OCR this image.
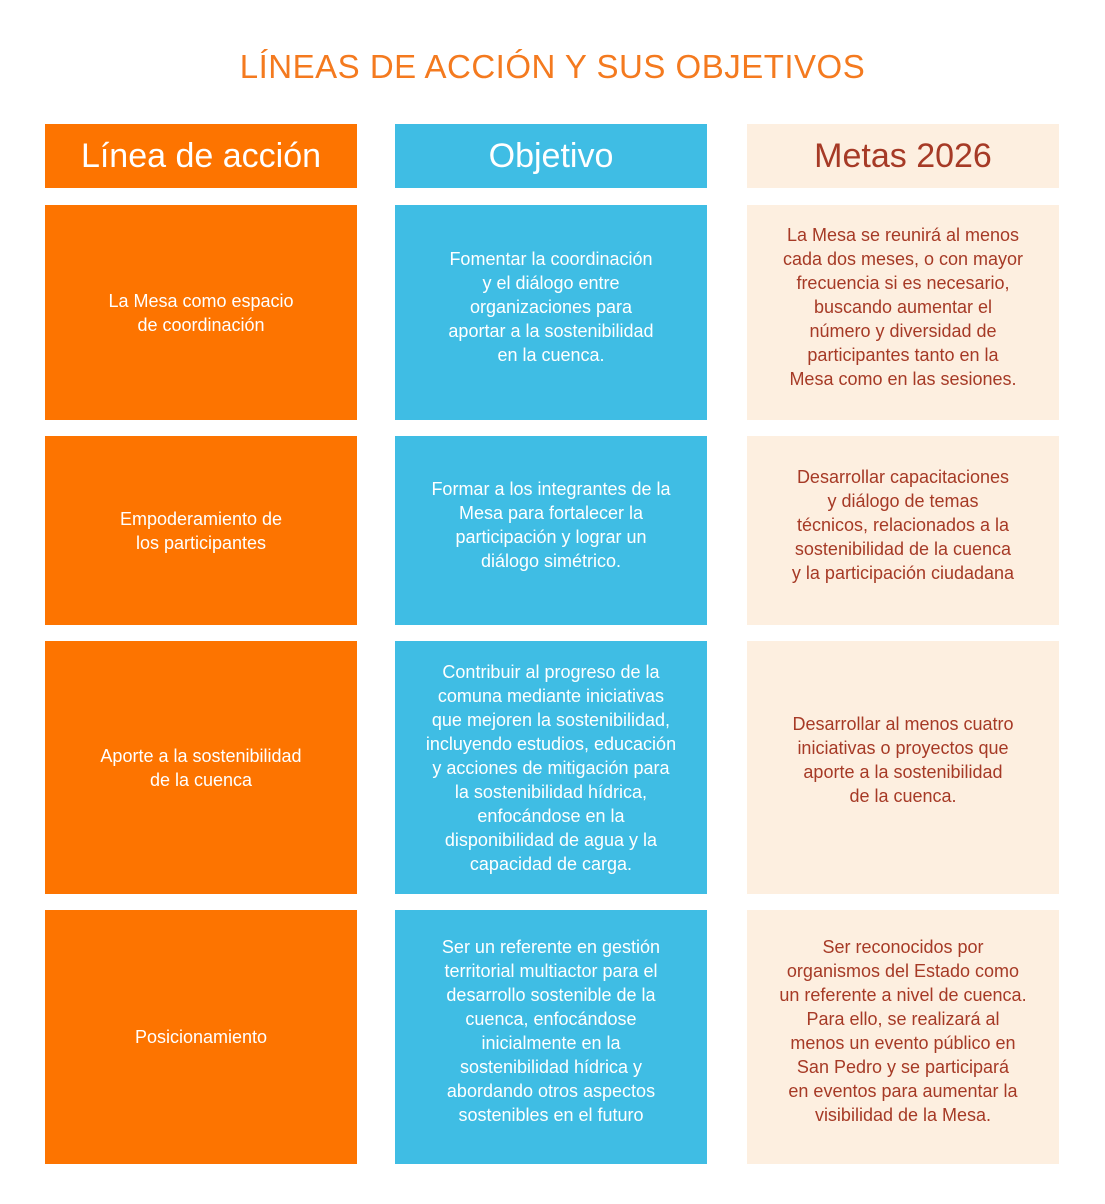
LÍNEAS DE ACCIÓN Y SUS OBJETIVOS
Línea de acción	Objetivo	Metas 2026
La Mesa como espacio
de coordinación
Fomentar la coordinación
y el diálogo entre
organizaciones para
aportar a la sostenibilidad
en la cuenca.
La Mesa se reunirá al menos
cada dos meses, o con mayor
frecuencia si es necesario,
buscando aumentar el
número y diversidad de
participantes tanto en la
Mesa como en las sesiones.
Empoderamiento de
los participantes
Formar a los integrantes de la
Mesa para fortalecer la
participación y lograr un
diálogo simétrico.
Desarrollar capacitaciones
y diálogo de temas
técnicos, relacionados a la
sostenibilidad de la cuenca
y la participación ciudadana
Aporte a la sostenibilidad
de la cuenca
Contribuir al progreso de la
comuna mediante iniciativas
que mejoren la sostenibilidad,
incluyendo estudios, educación
y acciones de mitigación para
la sostenibilidad hídrica,
enfocándose en la
disponibilidad de agua y la
capacidad de carga.
Desarrollar al menos cuatro
iniciativas o proyectos que
aporte a la sostenibilidad
de la cuenca.
Posicionamiento
Ser un referente en gestión
territorial multiactor para el
desarrollo sostenible de la
cuenca, enfocándose
inicialmente en la
sostenibilidad hídrica y
abordando otros aspectos
sostenibles en el futuro
Ser reconocidos por
organismos del Estado como
un referente a nivel de cuenca.
Para ello, se realizará al
menos un evento público en
San Pedro y se participará
en eventos para aumentar la
visibilidad de la Mesa.
